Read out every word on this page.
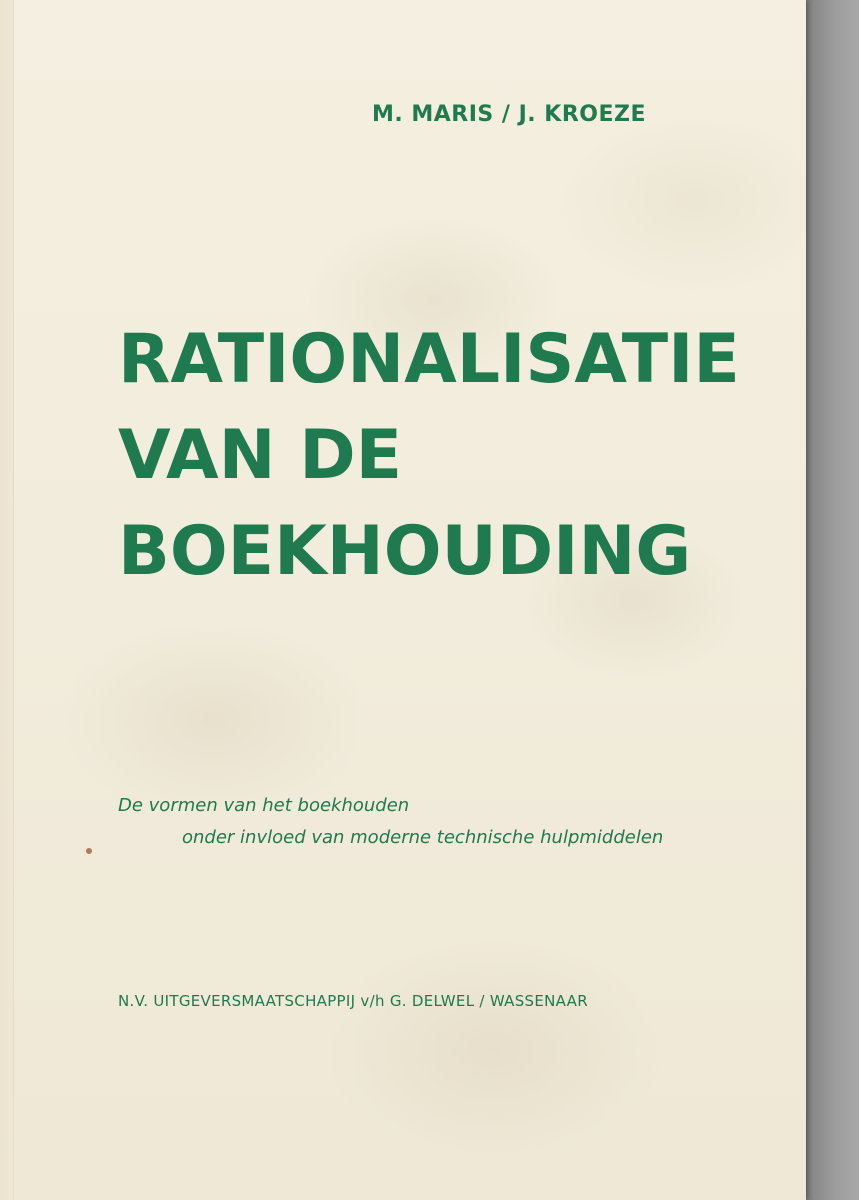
M. MARIS / J. KROEZE
RATIONALISATIE
VAN DE
BOEKHOUDING
De vormen van het boekhouden
onder invloed van moderne technische hulpmiddelen
N.V. UITGEVERSMAATSCHAPPIJ v/h G. DELWEL / WASSENAAR
